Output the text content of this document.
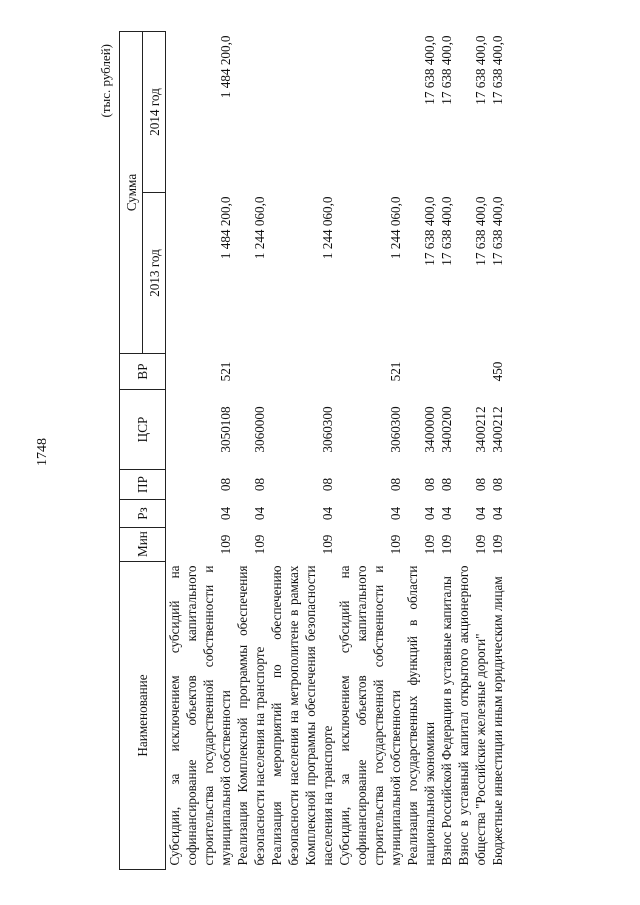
1748
(тыс. рублей)
Наименование	Мин	Рз	ПР	ЦСР	ВР	Сумма	
						2013 год	2014 год
Субсидии, за исключением субсидий на софинансирование объектов капитального строительства государственной собственности и муниципальной собственности	109	04	08	3050108	521	1 484 200,0	1 484 200,0
Реализация Комплексной программы обеспечения безопасности населения на транспорте	109	04	08	3060000		1 244 060,0	
Реализация мероприятий по обеспечению безопасности населения на метрополитене в рамках Комплексной программы обеспечения безопасности населения на транспорте	109	04	08	3060300		1 244 060,0	
Субсидии, за исключением субсидий на софинансирование объектов капитального строительства государственной собственности и муниципальной собственности	109	04	08	3060300	521	1 244 060,0	
Реализация государственных функций в области национальной экономики	109	04	08	3400000		17 638 400,0	17 638 400,0
Взнос Российской Федерации в уставные капиталы	109	04	08	3400200		17 638 400,0	17 638 400,0
Взнос в уставный капитал открытого акционерного общества "Российские железные дороги"	109	04	08	3400212		17 638 400,0	17 638 400,0
Бюджетные инвестиции иным юридическим лицам	109	04	08	3400212	450	17 638 400,0	17 638 400,0
